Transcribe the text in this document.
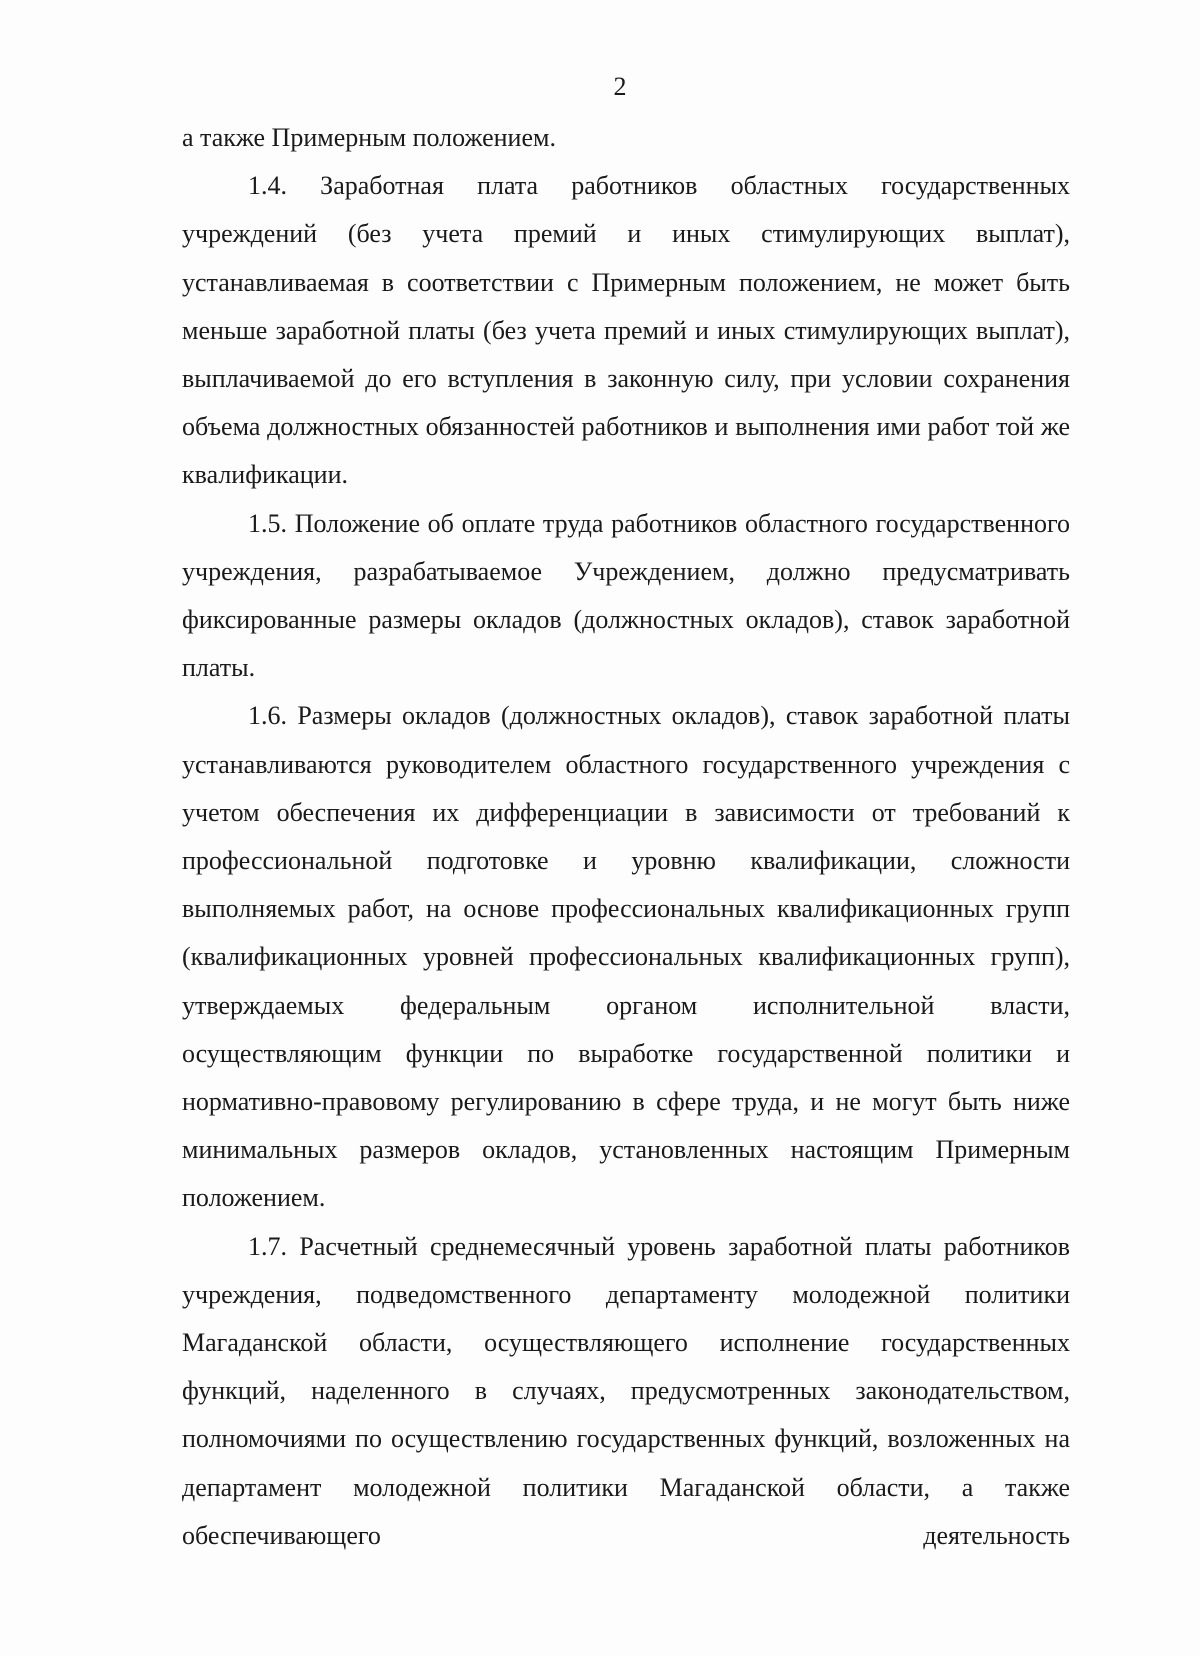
2

а также Примерным положением.

1.4. Заработная плата работников областных государственных учреждений (без учета премий и иных стимулирующих выплат), устанавливаемая в соответствии с Примерным положением, не может быть меньше заработной платы (без учета премий и иных стимулирующих выплат), выплачиваемой до его вступления в законную силу, при условии сохранения объема должностных обязанностей работников и выполнения ими работ той же квалификации.

1.5. Положение об оплате труда работников областного государственного учреждения, разрабатываемое Учреждением, должно предусматривать фиксированные размеры окладов (должностных окладов), ставок заработной платы.

1.6. Размеры окладов (должностных окладов), ставок заработной платы устанавливаются руководителем областного государственного учреждения с учетом обеспечения их дифференциации в зависимости от требований к профессиональной подготовке и уровню квалификации, сложности выполняемых работ, на основе профессиональных квалификационных групп (квалификационных уровней профессиональных квалификационных групп), утверждаемых федеральным органом исполнительной власти, осуществляющим функции по выработке государственной политики и нормативно-правовому регулированию в сфере труда, и не могут быть ниже минимальных размеров окладов, установленных настоящим Примерным положением.

1.7. Расчетный среднемесячный уровень заработной платы работников учреждения, подведомственного департаменту молодежной политики Магаданской области, осуществляющего исполнение государственных функций, наделенного в случаях, предусмотренных законодательством, полномочиями по осуществлению государственных функций, возложенных на департамент молодежной политики Магаданской области, а также обеспечивающего деятельность
